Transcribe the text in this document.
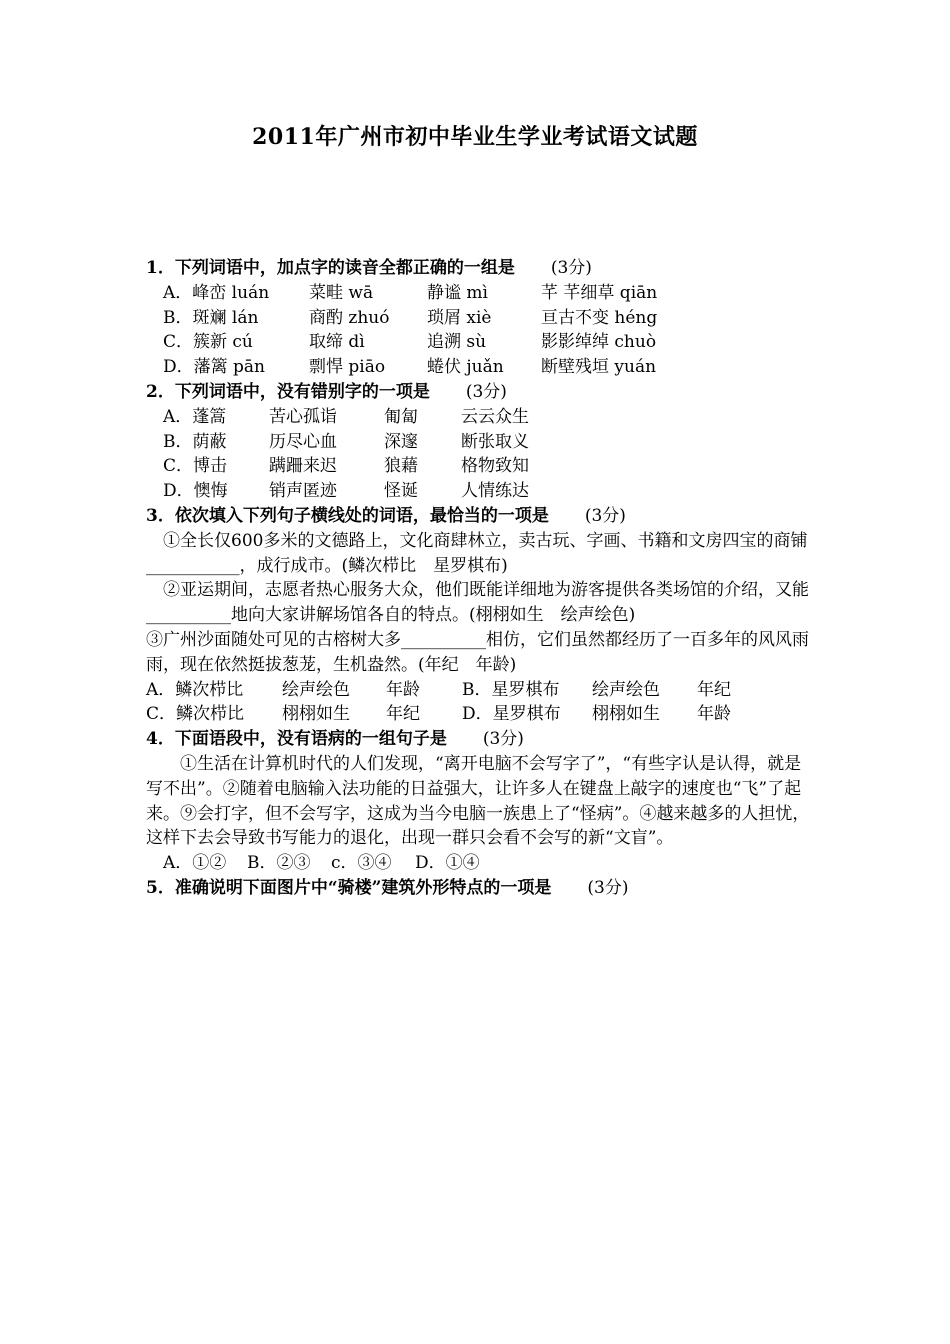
2011年广州市初中毕业生学业考试语文试题
1．下列词语中，加点字的读音全都正确的一组是 (3分)
A．峰峦 luán	菜畦 wā	静谧 mì	芊 芊细草 qiān
B．斑斓 lán	商酌 zhuó	琐屑 xiè	亘古不变 héng
C．簇新 cú	取缔 dì	追溯 sù	影影绰绰 chuò
D．藩篱 pān	剽悍 piāo	蜷伏 juǎn	断壁残垣 yuán
2．下列词语中，没有错别字的一项是 (3分)
A．蓬篙	苦心孤诣	匍匐	云云众生
B．荫蔽	历尽心血	深邃	断张取义
C．博击	蹒跚来迟	狼藉	格物致知
D．懊悔	销声匿迹	怪诞	人情练达
3．依次填入下列句子横线处的词语，最恰当的一项是 (3分)
①全长仅600多米的文德路上，文化商肆林立，卖古玩、字画、书籍和文房四宝的商铺___________，成行成市。(鳞次栉比　星罗棋布)
②亚运期间，志愿者热心服务大众，他们既能详细地为游客提供各类场馆的介绍，又能__________地向大家讲解场馆各自的特点。(栩栩如生　绘声绘色)
③广州沙面随处可见的古榕树大多__________相仿，它们虽然都经历了一百多年的风风雨雨，现在依然挺拔葱茏，生机盎然。(年纪　年龄)
A．鳞次栉比	绘声绘色	年龄	B．星罗棋布	绘声绘色	年纪
C．鳞次栉比	栩栩如生	年纪	D．星罗棋布	栩栩如生	年龄
4．下面语段中，没有语病的一组句子是 (3分)
①生活在计算机时代的人们发现，“离开电脑不会写字了”，“有些字认是认得，就是写不出”。②随着电脑输入法功能的日益强大，让许多人在键盘上敲字的速度也“飞”了起来。⑨会打字，但不会写字，这成为当今电脑一族患上了“怪病”。④越来越多的人担忧，这样下去会导致书写能力的退化，出现一群只会看不会写的新“文盲”。
A．①②	B．②③	c．③④	D．①④
5．准确说明下面图片中“骑楼”建筑外形特点的一项是 (3分)
